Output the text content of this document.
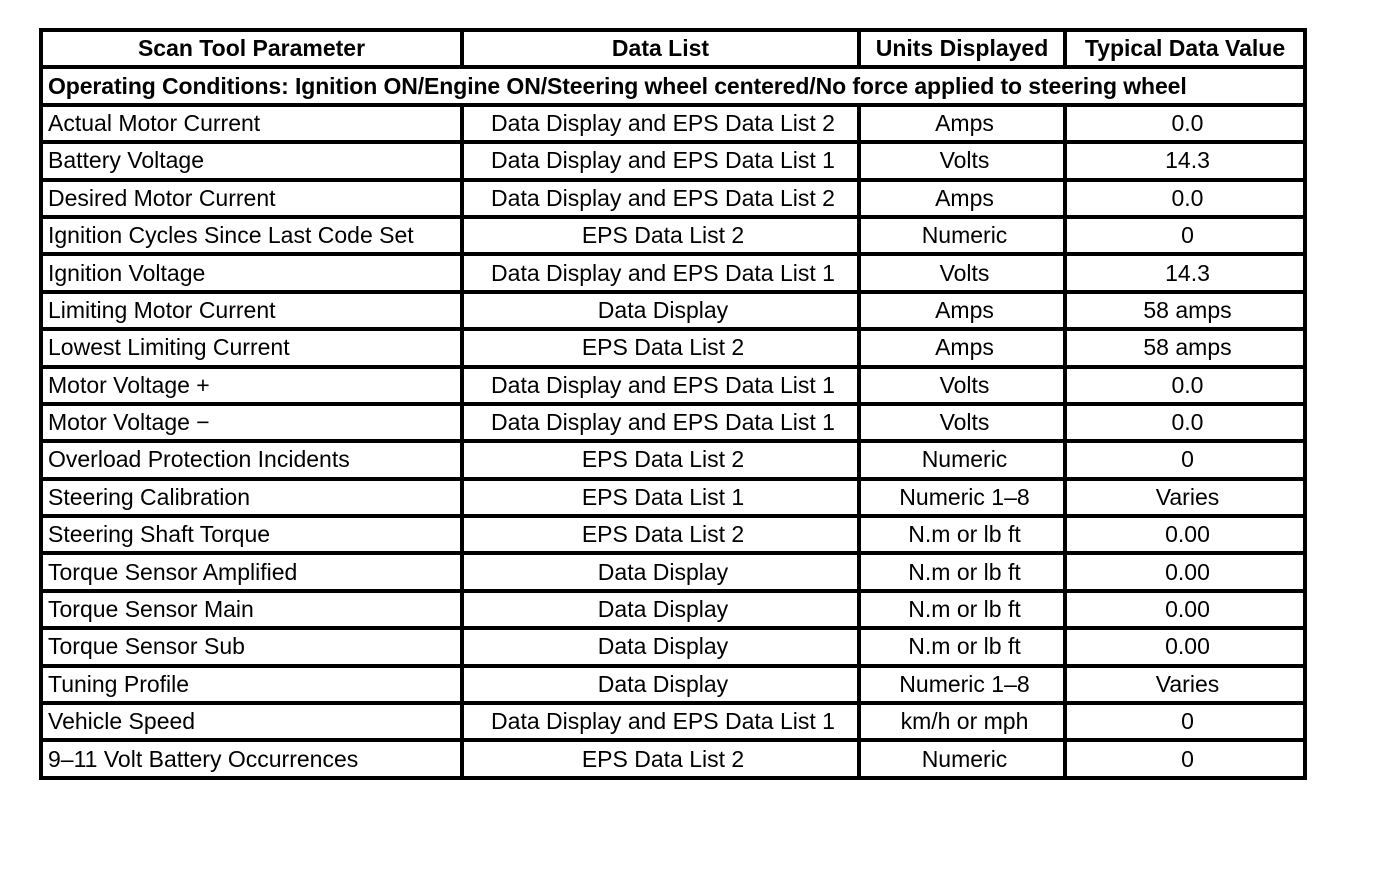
Scan Tool Parameter	Data List	Units Displayed	Typical Data Value
Operating Conditions: Ignition ON/Engine ON/Steering wheel centered/No force applied to steering wheel			
Actual Motor Current	Data Display and EPS Data List 2	Amps	0.0
Battery Voltage	Data Display and EPS Data List 1	Volts	14.3
Desired Motor Current	Data Display and EPS Data List 2	Amps	0.0
Ignition Cycles Since Last Code Set	EPS Data List 2	Numeric	0
Ignition Voltage	Data Display and EPS Data List 1	Volts	14.3
Limiting Motor Current	Data Display	Amps	58 amps
Lowest Limiting Current	EPS Data List 2	Amps	58 amps
Motor Voltage +	Data Display and EPS Data List 1	Volts	0.0
Motor Voltage −	Data Display and EPS Data List 1	Volts	0.0
Overload Protection Incidents	EPS Data List 2	Numeric	0
Steering Calibration	EPS Data List 1	Numeric 1–8	Varies
Steering Shaft Torque	EPS Data List 2	N.m or lb ft	0.00
Torque Sensor Amplified	Data Display	N.m or lb ft	0.00
Torque Sensor Main	Data Display	N.m or lb ft	0.00
Torque Sensor Sub	Data Display	N.m or lb ft	0.00
Tuning Profile	Data Display	Numeric 1–8	Varies
Vehicle Speed	Data Display and EPS Data List 1	km/h or mph	0
9–11 Volt Battery Occurrences	EPS Data List 2	Numeric	0
